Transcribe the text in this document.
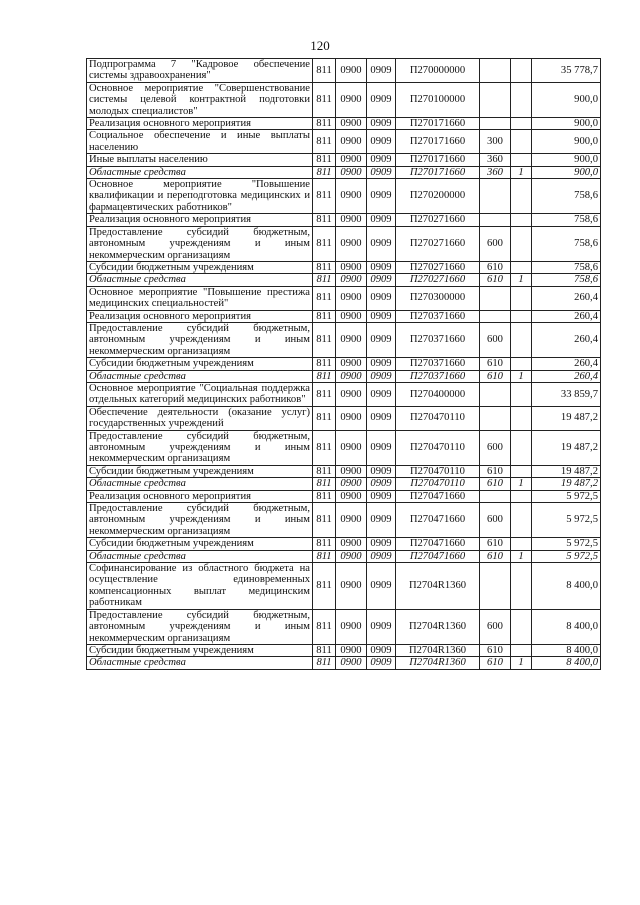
120
Подпрограмма 7 "Кадровое обеспечение системы здравоохранения"	811	0900	0909	П270000000			35 778,7
Основное мероприятие "Совершенствование системы целевой контрактной подготовки молодых специалистов"	811	0900	0909	П270100000			900,0
Реализация основного мероприятия	811	0900	0909	П270171660			900,0
Социальное обеспечение и иные выплаты населению	811	0900	0909	П270171660	300		900,0
Иные выплаты населению	811	0900	0909	П270171660	360		900,0
Областные средства	811	0900	0909	П270171660	360	1	900,0
Основное мероприятие "Повышение квалификации и переподготовка медицинских и фармацевтических работников"	811	0900	0909	П270200000			758,6
Реализация основного мероприятия	811	0900	0909	П270271660			758,6
Предоставление субсидий бюджетным, автономным учреждениям и иным некоммерческим организациям	811	0900	0909	П270271660	600		758,6
Субсидии бюджетным учреждениям	811	0900	0909	П270271660	610		758,6
Областные средства	811	0900	0909	П270271660	610	1	758,6
Основное мероприятие "Повышение престижа медицинских специальностей"	811	0900	0909	П270300000			260,4
Реализация основного мероприятия	811	0900	0909	П270371660			260,4
Предоставление субсидий бюджетным, автономным учреждениям и иным некоммерческим организациям	811	0900	0909	П270371660	600		260,4
Субсидии бюджетным учреждениям	811	0900	0909	П270371660	610		260,4
Областные средства	811	0900	0909	П270371660	610	1	260,4
Основное мероприятие "Социальная поддержка отдельных категорий медицинских работников"	811	0900	0909	П270400000			33 859,7
Обеспечение деятельности (оказание услуг) государственных учреждений	811	0900	0909	П270470110			19 487,2
Предоставление субсидий бюджетным, автономным учреждениям и иным некоммерческим организациям	811	0900	0909	П270470110	600		19 487,2
Субсидии бюджетным учреждениям	811	0900	0909	П270470110	610		19 487,2
Областные средства	811	0900	0909	П270470110	610	1	19 487,2
Реализация основного мероприятия	811	0900	0909	П270471660			5 972,5
Предоставление субсидий бюджетным, автономным учреждениям и иным некоммерческим организациям	811	0900	0909	П270471660	600		5 972,5
Субсидии бюджетным учреждениям	811	0900	0909	П270471660	610		5 972,5
Областные средства	811	0900	0909	П270471660	610	1	5 972,5
Софинансирование из областного бюджета на осуществление единовременных компенсационных выплат медицинским работникам	811	0900	0909	П2704R1360			8 400,0
Предоставление субсидий бюджетным, автономным учреждениям и иным некоммерческим организациям	811	0900	0909	П2704R1360	600		8 400,0
Субсидии бюджетным учреждениям	811	0900	0909	П2704R1360	610		8 400,0
Областные средства	811	0900	0909	П2704R1360	610	1	8 400,0
